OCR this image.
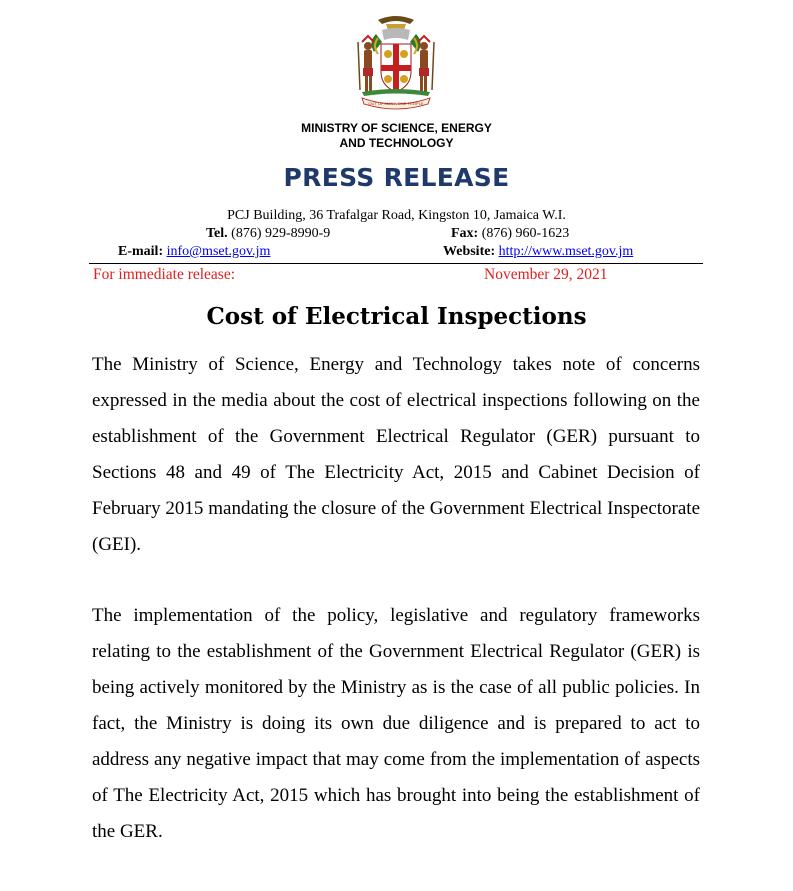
OUT OF MANY, ONE PEOPLE
MINISTRY OF SCIENCE, ENERGY
AND TECHNOLOGY
PRESS RELEASE
PCJ Building, 36 Trafalgar Road, Kingston 10, Jamaica W.I.
Tel. (876) 929-8990-9	Fax: (876) 960-1623
E-mail: info@mset.gov.jm	Website: http://www.mset.gov.jm
For immediate release:	November 29, 2021
Cost of Electrical Inspections
The Ministry of Science, Energy and Technology takes note of concerns expressed in the media about the cost of electrical inspections following on the establishment of the Government Electrical Regulator (GER) pursuant to Sections 48 and 49 of The Electricity Act, 2015 and Cabinet Decision of February 2015 mandating the closure of the Government Electrical Inspectorate (GEI).
The implementation of the policy, legislative and regulatory frameworks relating to the establishment of the Government Electrical Regulator (GER) is being actively monitored by the Ministry as is the case of all public policies. In fact, the Ministry is doing its own due diligence and is prepared to act to address any negative impact that may come from the implementation of aspects of The Electricity Act, 2015 which has brought into being the establishment of the GER.
